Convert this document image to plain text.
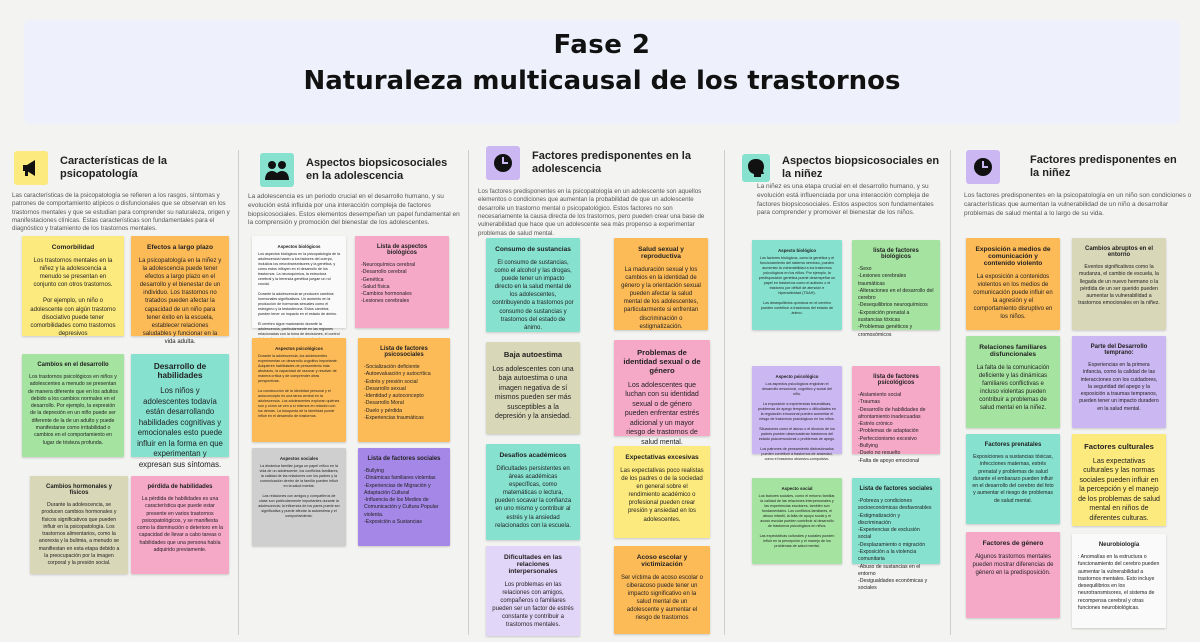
Fase 2
Naturaleza multicausal de los trastornos
Características de la psicopatología

Las características de la psicopatología se refieren a los rasgos, síntomas y patrones de comportamiento atípicos o disfuncionales que se observan en los trastornos mentales y que se estudian para comprender su naturaleza, origen y manifestaciones clínicas. Estas características son fundamentales para el diagnóstico y tratamiento de los trastornos mentales.

Comorbilidad
Los trastornos mentales en la niñez y la adolescencia a menudo se presentan en conjunto con otros trastornos.

Por ejemplo, un niño o adolescente con algún trastorno disociativo puede tener comorbilidades como trastornos depresivos
Efectos a largo plazo
La psicopatología en la niñez y la adolescencia puede tener efectos a largo plazo en el desarrollo y el bienestar de un individuo. Los trastornos no tratados pueden afectar la capacidad de un niño para tener éxito en la escuela, establecer relaciones saludables y funcionar en la vida adulta.
Cambios en el desarrollo
Los trastornos psicológicos en niños y adolescentes a menudo se presentan de manera diferente que en los adultos debido a los cambios normales en el desarrollo. Por ejemplo, la expresión de la depresión en un niño puede ser diferente de la de un adulto y puede manifestarse como irritabilidad o cambios en el comportamiento en lugar de tristeza profunda.
Desarrollo de habilidades
Los niños y adolescentes todavía están desarrollando habilidades cognitivas y emocionales esto puede influir en la forma en que experimentan y expresan sus síntomas.
Cambios hormonales y físicos
Durante la adolescencia, se producen cambios hormonales y físicos significativos que pueden influir en la psicopatología. Los trastornos alimentarios, como la anorexia y la bulimia, a menudo se manifiestan en esta etapa debido a la preocupación por la imagen corporal y la presión social.
pérdida de habilidades
La pérdida de habilidades es una característica que puede estar presente en varios trastornos psicopatológicos, y se manifiesta como la disminución o deterioro en la capacidad de llevar a cabo tareas o habilidades que una persona había adquirido previamente.
Aspectos biopsicosociales en la adolescencia

La adolescencia es un periodo crucial en el desarrollo humano, y su evolución está influida por una interacción compleja de factores biopsicosociales. Estos elementos desempeñan un papel fundamental en la comprensión y promoción del bienestar de los adolescentes.

Aspectos biológicos
Los aspectos biológicos en la psicopatología de la adolescencia hacen a los factores del cuerpo, incluidos los neurotransmisores y la genética, y cómo estos influyen en el desarrollo de los trastornos. La neuroquímica, la estructura cerebral y la herencia genética juegan un rol crucial.

Durante la adolescencia se producen cambios hormonales significativos. Un aumento en la producción de hormonas sexuales como el estrógeno y la testosterona. Estos cambios pueden tener un impacto en el estado de ánimo.

El cerebro sigue madurando durante la adolescencia, particularmente en las regiones relacionadas con la toma de decisiones, el control
Lista de aspectos biológicos
-Neuroquímica cerebral
-Desarrollo cerebral
-Genética
-Salud física
-Cambios hormonales
-Lesiones cerebrales
Aspectos psicológicos
Durante la adolescencia, los adolescentes experimentan un desarrollo cognitivo importante. Adquieren habilidades de pensamiento más abstracto, la capacidad de razonar y resolver de manera crítica y de comprender otras perspectivas.

La construcción de la identidad personal y el autoconcepto es una tarea central en la adolescencia. Los adolescentes exploran quiénes son y cómo se ven a sí mismos en relación con los demás. La búsqueda de la identidad puede influir en el desarrollo de trastornos.
Lista de factores psicosociales
-Socialización deficiente
-Autoevaluación y autocrítica
-Estrés y presión social
-Desarrollo sexual
-Identidad y autoconcepto
-Desarrollo Moral
-Duelo y pérdida
-Experiencias traumáticas
Aspectos sociales
La dinámica familiar juega un papel crítico en la vida de un adolescente, los conflictos familiares, la calidad de las relaciones con los padres y la comunicación dentro de la familia pueden influir en la salud mental.

Las relaciones con amigos y compañeros de clase son particularmente importantes durante la adolescencia; la influencia de los pares puede ser significativa y puede afectar la autoestima y el comportamiento.
Lista de factores sociales
-Bullying
-Dinámicas familiares violentas
-Experiencias de Migración y Adaptación Cultural
-Influencia de los Medios de Comunicación y Cultura Popular violenta.
-Exposición a Sustancias
Factores predisponentes en la adolescencia

Los factores predisponentes en la psicopatología en un adolescente son aquellos elementos o condiciones que aumentan la probabilidad de que un adolescente desarrolle un trastorno mental o psicopatológico. Estos factores no son necesariamente la causa directa de los trastornos, pero pueden crear una base de vulnerabilidad que hace que un adolescente sea más propenso a experimentar problemas de salud mental.

Consumo de sustancias
El consumo de sustancias, como el alcohol y las drogas, puede tener un impacto directo en la salud mental de los adolescentes, contribuyendo a trastornos por consumo de sustancias y trastornos del estado de ánimo.
Salud sexual y reproductiva
La maduración sexual y los cambios en la identidad de género y la orientación sexual pueden afectar la salud mental de los adolescentes, particularmente si enfrentan discriminación o estigmatización.
Baja autoestima
Los adolescentes con una baja autoestima o una imagen negativa de sí mismos pueden ser más susceptibles a la depresión y la ansiedad.
Problemas de identidad sexual o de género
Los adolescentes que luchan con su identidad sexual o de género pueden enfrentar estrés adicional y un mayor riesgo de trastornos de salud mental.
Desafíos académicos
Dificultades persistentes en áreas académicas específicas, como matemáticas o lectura, pueden socavar la confianza en uno mismo y contribuir al estrés y la ansiedad relacionados con la escuela.
Expectativas excesivas
Las expectativas poco realistas de los padres o de la sociedad en general sobre el rendimiento académico o profesional pueden crear presión y ansiedad en los adolescentes.
Dificultades en las relaciones interpersonales
Los problemas en las relaciones con amigos, compañeros o familiares pueden ser un factor de estrés constante y contribuir a trastornos mentales.
Acoso escolar y victimización
Ser víctima de acoso escolar o ciberacoso puede tener un impacto significativo en la salud mental de un adolescente y aumentar el riesgo de trastornos
Aspectos biopsicosociales en la niñez

La niñez es una etapa crucial en el desarrollo humano, y su evolución está influenciada por una interacción compleja de factores biopsicosociales. Estos aspectos son fundamentales para comprender y promover el bienestar de los niños.

Aspecto biológico
Los factores biológicos, como la genética y el funcionamiento del sistema nervioso, pueden aumentar la vulnerabilidad a los trastornos psicológicos en los niños. Por ejemplo, la predisposición genética puede desempeñar un papel en trastornos como el autismo o el trastorno por déficit de atención e hiperactividad (TDAH).

Los desequilibrios químicos en el cerebro pueden contribuir a trastornos del estado de ánimo.
lista de factores biológicos
-Sexo
-Lesiones cerebrales traumáticas
-Alteraciones en el desarrollo del cerebro
-Desequilibrios neuroquímicos
-Exposición prenatal a sustancias tóxicas
-Problemas genéticos y cromosómicos
Aspecto psicológico
Los aspectos psicológicos engloban el desarrollo emocional, cognitivo y social del niño.

La exposición a experiencias traumáticas, problemas de apego temprano o dificultades en la regulación emocional pueden aumentar el riesgo de trastornos psicológicos en los niños.

Situaciones como el abuso o el divorcio de los padres pueden desencadenar trastornos del estado psicoemocional o problemas de apego.

Los patrones de pensamiento distorsionados pueden contribuir a trastornos de ansiedad, como el trastorno obsesivo-compulsivo.
lista de factores psicológicos
-Aislamiento social
-Traumas
-Desarrollo de habilidades de afrontamiento inadecuadas
-Estrés crónico
-Problemas de adaptación
-Perfeccionismo excesivo
-Bullying
-Duelo no resuelto
-Falta de apoyo emocional
Aspecto social
Los factores sociales, como el entorno familiar, la calidad de las relaciones interpersonales y las experiencias escolares, también son fundamentales. Los conflictos familiares, el abuso infantil, la falta de apoyo social y el acoso escolar pueden contribuir al desarrollo de trastornos psicológicos en niños.

Las expectativas culturales y sociales pueden influir en la percepción y el manejo de los problemas de salud mental.
Lista de factores sociales
-Pobreza y condiciones socioeconómicas desfavorables
-Estigmatización y discriminación
-Experiencias de exclusión social
-Desplazamiento o migración
-Exposición a la violencia comunitaria
-Abuso de sustancias en el entorno
-Desigualdades económicas y sociales
Factores predisponentes en la niñez

Los factores predisponentes en la psicopatología en un niño son condiciones o características que aumentan la vulnerabilidad de un niño a desarrollar problemas de salud mental a lo largo de su vida.

Exposición a medios de comunicación y contenido violento
La exposición a contenidos violentos en los medios de comunicación puede influir en la agresión y el comportamiento disruptivo en los niños.
Cambios abruptos en el entorno
Eventos significativos como la mudanza, el cambio de escuela, la llegada de un nuevo hermano o la pérdida de un ser querido pueden aumentar la vulnerabilidad a trastornos emocionales en la niñez.
Relaciones familiares disfuncionales
La falta de la comunicación deficiente y las dinámicas familiares conflictivas e incluso violentas pueden contribuir a problemas de salud mental en la niñez.
Parte del Desarrollo temprano:
Experiencias en la primera infancia, como la calidad de las interacciones con los cuidadores, la seguridad del apego y la exposición a traumas tempranos, pueden tener un impacto duradero en la salud mental.
Factores prenatales
Exposiciones a sustancias tóxicas, infecciones maternas, estrés prenatal y problemas de salud durante el embarazo pueden influir en el desarrollo del cerebro del feto y aumentar el riesgo de problemas de salud mental.
Factores culturales
Las expectativas culturales y las normas sociales pueden influir en la percepción y el manejo de los problemas de salud mental en niños de diferentes culturas.
Factores de género
Algunos trastornos mentales pueden mostrar diferencias de género en la predisposición.
Neurobiología
: Anomalías en la estructura o funcionamiento del cerebro pueden aumentar la vulnerabilidad a trastornos mentales. Esto incluye desequilibrios en los neurotransmisores, el sistema de recompensa cerebral y otras funciones neurobiológicas.
